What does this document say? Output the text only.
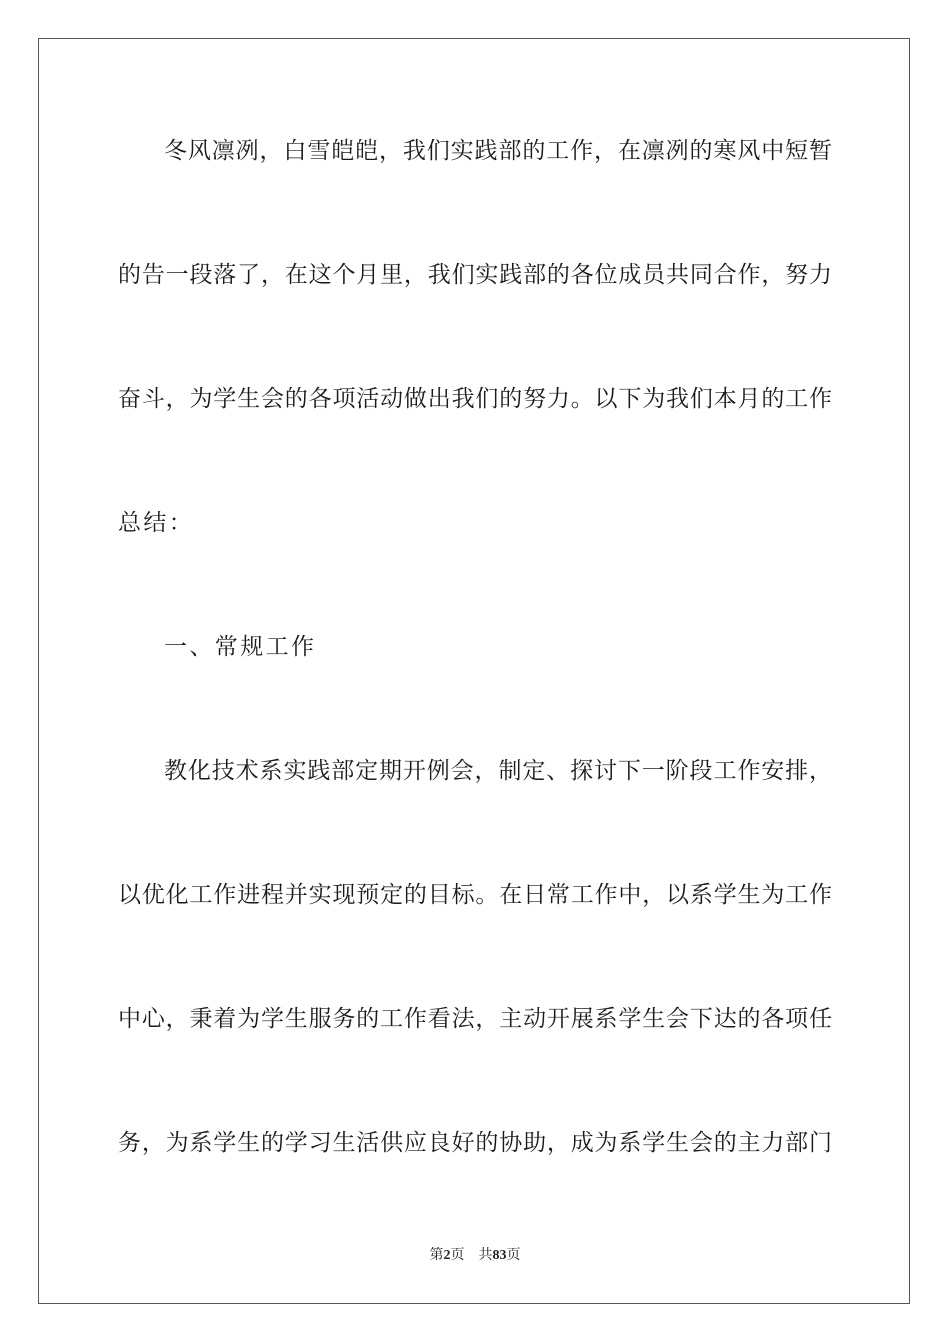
冬风凛冽，白雪皑皑，我们实践部的工作，在凛冽的寒风中短暂
的告一段落了，在这个月里，我们实践部的各位成员共同合作，努力
奋斗，为学生会的各项活动做出我们的努力。以下为我们本月的工作
总结：
一、常规工作
教化技术系实践部定期开例会，制定、探讨下一阶段工作安排，
以优化工作进程并实现预定的目标。在日常工作中，以系学生为工作
中心，秉着为学生服务的工作看法，主动开展系学生会下达的各项任
务，为系学生的学习生活供应良好的协助，成为系学生会的主力部门
第2页 共83页
